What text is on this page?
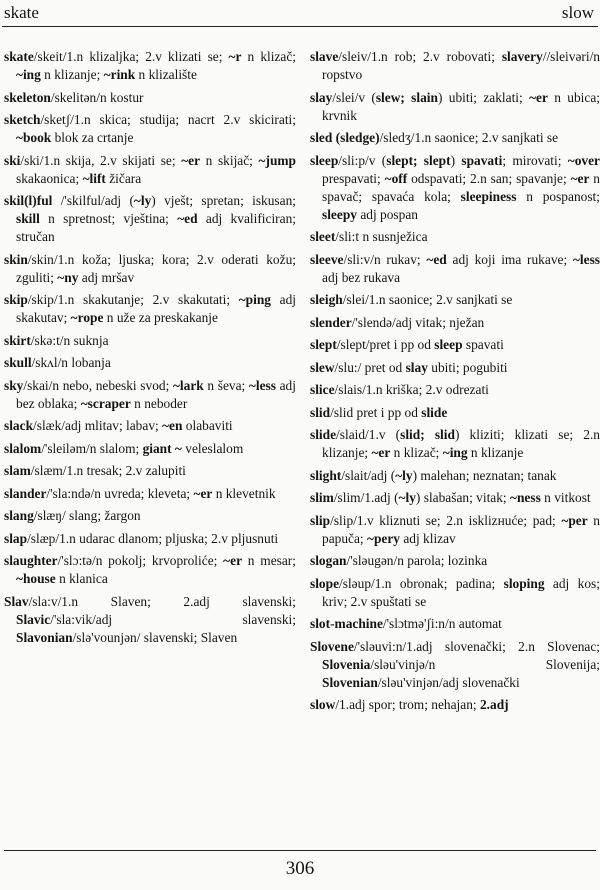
skate	slow

skate/skeit/1.n klizaljka; 2.v klizati se; ~r n klizač; ~ing n klizanje; ~rink n klizalište

skeleton/skelitən/n kostur

sketch/sketʃ/1.n skica; studija; nacrt 2.v skicirati; ~book blok za crtanje

ski/ski/1.n skija, 2.v skijati se; ~er n skijač; ~jump skakaonica; ~lift žičara

skil(l)ful /'skilful/adj (~ly) vješt; spretan; iskusan; skill n spretnost; vještina; ~ed adj kvalificiran; stručan

skin/skin/1.n koža; ljuska; kora; 2.v oderati kožu; zguliti; ~ny adj mršav

skip/skip/1.n skakutanje; 2.v skakutati; ~ping adj skakutav; ~rope n uže za preskakanje

skirt/skə:t/n suknja

skull/skʌl/n lobanja

sky/skai/n nebo, nebeski svod; ~lark n ševa; ~less adj bez oblaka; ~scraper n neboder

slack/slæk/adj mlitav; labav; ~en olabaviti

slalom/'sleiləm/n slalom; giant ~ veleslalom

slam/slæm/1.n tresak; 2.v zalupiti

slander/'sla:ndə/n uvreda; kleveta; ~er n klevetnik

slang/slæŋ/ slang; žargon

slap/slæp/1.n udarac dlanom; pljuska; 2.v pljusnuti

slaughter/'slɔ:tə/n pokolj; krvoproliće; ~er n mesar; ~house n klanica

Slav/sla:v/1.n Slaven; 2.adj slavenski; Slavic/'sla:vik/adj slavenski; Slavonian/slə'vounjən/ slavenski; Slaven

slave/sleiv/1.n rob; 2.v robovati; slavery//sleivəri/n ropstvo

slay/slei/v (slew; slain) ubiti; zaklati; ~er n ubica; krvnik

sled (sledge)/sledʒ/1.n saonice; 2.v sanjkati se

sleep/sli:p/v (slept; slept) spavati; mirovati; ~over prespavati; ~off odspavati; 2.n san; spavanje; ~er n spavač; spavaća kola; sleepiness n pospanost; sleepy adj pospan

sleet/sli:t n susnježica

sleeve/sli:v/n rukav; ~ed adj koji ima rukave; ~less adj bez rukava

sleigh/slei/1.n saonice; 2.v sanjkati se

slender/'slendə/adj vitak; nježan

slept/slept/pret i pp od sleep spavati

slew/slu:/ pret od slay ubiti; pogubiti

slice/slais/1.n kriška; 2.v odrezati

slid/slid pret i pp od slide

slide/slaid/1.v (slid; slid) kliziti; klizati se; 2.n klizanje; ~er n klizač; ~ing n klizanje

slight/slait/adj (~ly) malehan; neznatan; tanak

slim/slim/1.adj (~ly) slabašan; vitak; ~ness n vitkost

slip/slip/1.v kliznuti se; 2.n isklizнuće; pad; ~per n papuča; ~pery adj klizav

slogan/'sləugən/n parola; lozinka

slope/sləup/1.n obronak; padina; sloping adj kos; kriv; 2.v spuštati se

slot-machine/'slɔtmə'ʃi:n/n automat

Slovene/'sləuvi:n/1.adj slovenački; 2.n Slovenac; Slovenia/sləu'vinjə/n Slovenija; Slovenian/sləu'vinjən/adj slovenački

slow/1.adj spor; trom; nehajan; 2.adj

306
